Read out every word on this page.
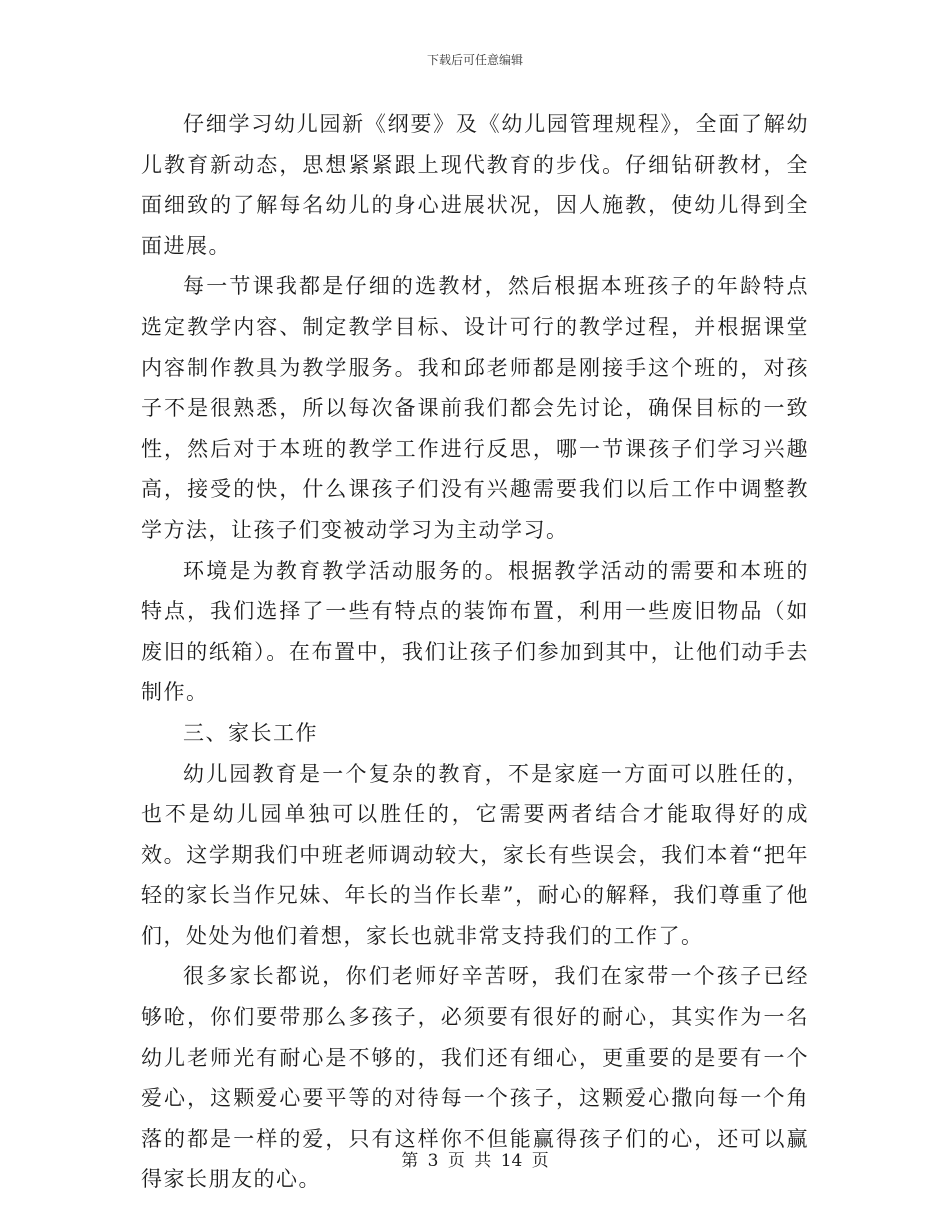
下载后可任意编辑

仔细学习幼儿园新《纲要》及《幼儿园管理规程》，全面了解幼儿教育新动态，思想紧紧跟上现代教育的步伐。仔细钻研教材，全面细致的了解每名幼儿的身心进展状况，因人施教，使幼儿得到全面进展。

每一节课我都是仔细的选教材，然后根据本班孩子的年龄特点选定教学内容、制定教学目标、设计可行的教学过程，并根据课堂内容制作教具为教学服务。我和邱老师都是刚接手这个班的，对孩子不是很熟悉，所以每次备课前我们都会先讨论，确保目标的一致性，然后对于本班的教学工作进行反思，哪一节课孩子们学习兴趣高，接受的快，什么课孩子们没有兴趣需要我们以后工作中调整教学方法，让孩子们变被动学习为主动学习。

环境是为教育教学活动服务的。根据教学活动的需要和本班的特点，我们选择了一些有特点的装饰布置，利用一些废旧物品（如废旧的纸箱）。在布置中，我们让孩子们参加到其中，让他们动手去制作。

三、家长工作

幼儿园教育是一个复杂的教育，不是家庭一方面可以胜任的，也不是幼儿园单独可以胜任的，它需要两者结合才能取得好的成效。这学期我们中班老师调动较大，家长有些误会，我们本着“把年轻的家长当作兄妹、年长的当作长辈”，耐心的解释，我们尊重了他们，处处为他们着想，家长也就非常支持我们的工作了。

很多家长都说，你们老师好辛苦呀，我们在家带一个孩子已经够呛，你们要带那么多孩子，必须要有很好的耐心，其实作为一名幼儿老师光有耐心是不够的，我们还有细心，更重要的是要有一个爱心，这颗爱心要平等的对待每一个孩子，这颗爱心撒向每一个角落的都是一样的爱，只有这样你不但能赢得孩子们的心，还可以赢得家长朋友的心。

第 3 页 共 14 页
